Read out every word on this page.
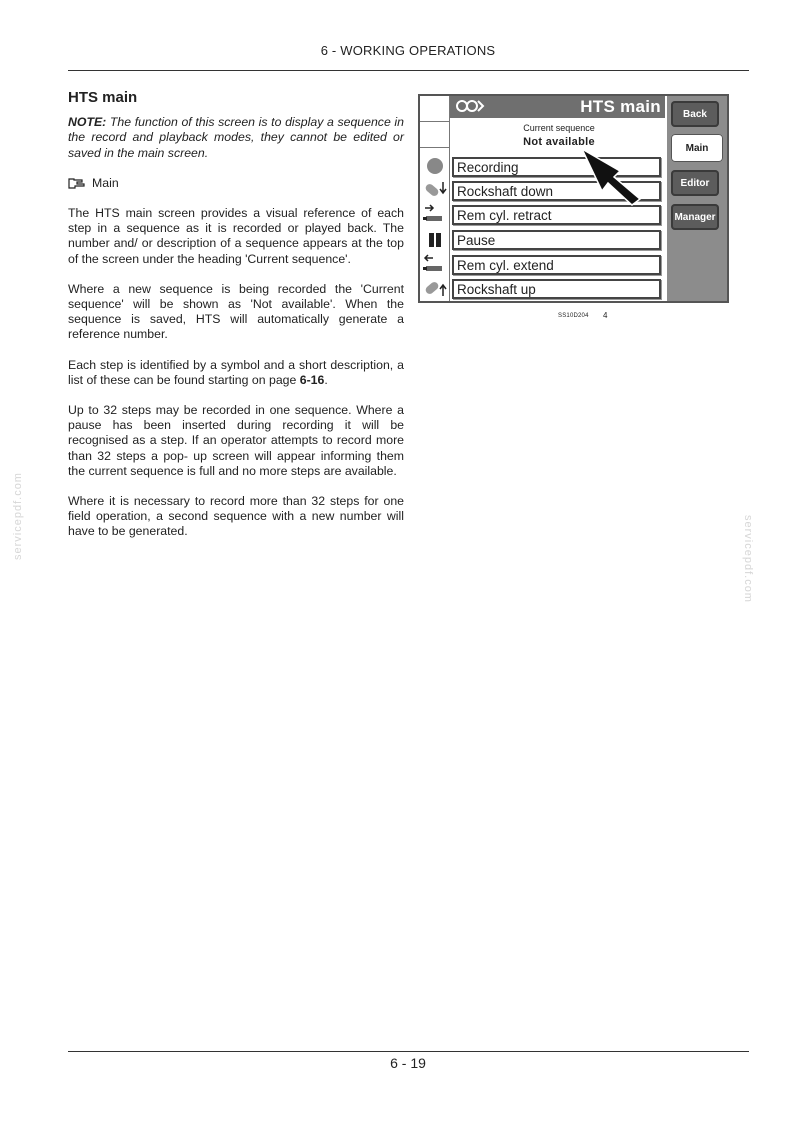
6 - WORKING OPERATIONS
servicepdf.com	servicepdf.com
HTS main

NOTE: The function of this screen is to display a sequence in the record and playback modes, they cannot be edited or saved in the main screen.

Main

The HTS main screen provides a visual reference of each step in a sequence as it is recorded or played back. The number and/ or description of a sequence appears at the top of the screen under the heading 'Current sequence'.

Where a new sequence is being recorded the 'Current sequence' will be shown as 'Not available'. When the sequence is saved, HTS will automatically generate a reference number.

Each step is identified by a symbol and a short description, a list of these can be found starting on page 6-16.

Up to 32 steps may be recorded in one sequence. Where a pause has been inserted during recording it will be recognised as a step. If an operator attempts to record more than 32 steps a pop- up screen will appear informing them the current sequence is full and no more steps are available.

Where it is necessary to record more than 32 steps for one field operation, a second sequence with a new number will have to be generated.

HTS main
Current sequence
Not available
Recording
Rockshaft down
Rem cyl. retract
Pause
Rem cyl. extend
Rockshaft up
Back
Main
Editor
Manager
SS10D204 4
6 - 19
